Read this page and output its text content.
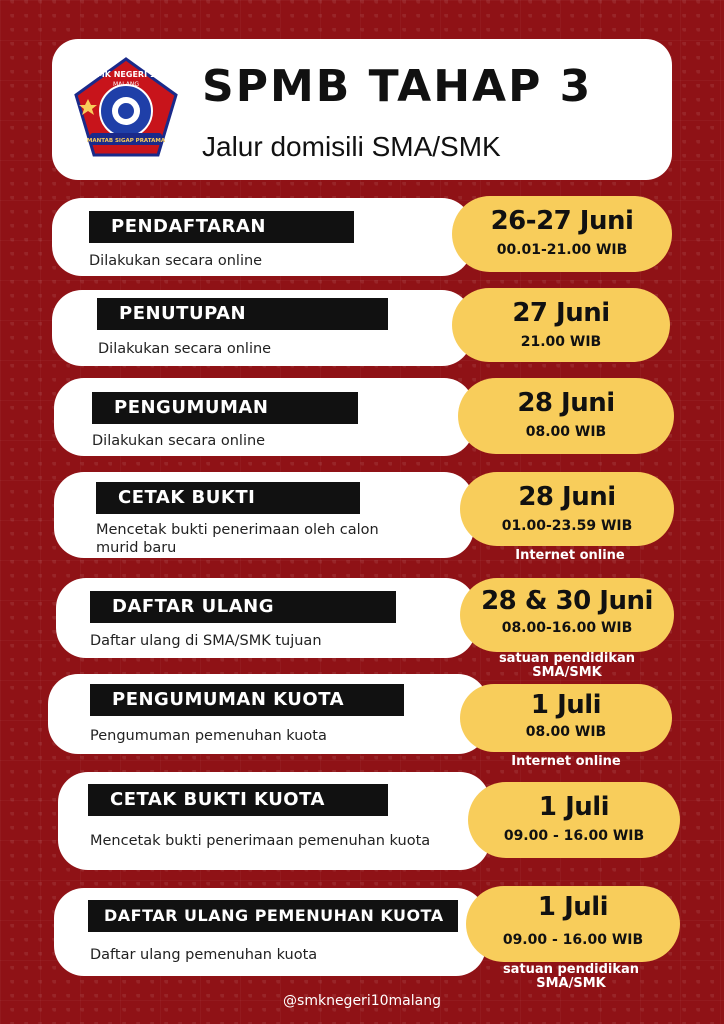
SMK NEGERI 10
MALANG
MANTAB SIGAP PRATAMA
SPMB TAHAP 3
Jalur domisili SMA/SMK
PENDAFTARAN
Dilakukan secara online
26-27 Juni
00.01-21.00 WIB
PENUTUPAN
Dilakukan secara online
27 Juni
21.00 WIB
PENGUMUMAN
Dilakukan secara online
28 Juni
08.00 WIB
CETAK BUKTI
Mencetak bukti penerimaan oleh calon murid baru
28 Juni
01.00-23.59 WIB
Internet online
DAFTAR ULANG
Daftar ulang di SMA/SMK tujuan
28 & 30 Juni
08.00-16.00 WIB
satuan pendidikan SMA/SMK
PENGUMUMAN KUOTA
Pengumuman pemenuhan kuota
1 Juli
08.00 WIB
Internet online
CETAK BUKTI KUOTA
Mencetak bukti penerimaan pemenuhan kuota
1 Juli
09.00 - 16.00 WIB
DAFTAR ULANG PEMENUHAN KUOTA
Daftar ulang pemenuhan kuota
1 Juli
09.00 - 16.00 WIB
satuan pendidikan SMA/SMK
@smknegeri10malang
